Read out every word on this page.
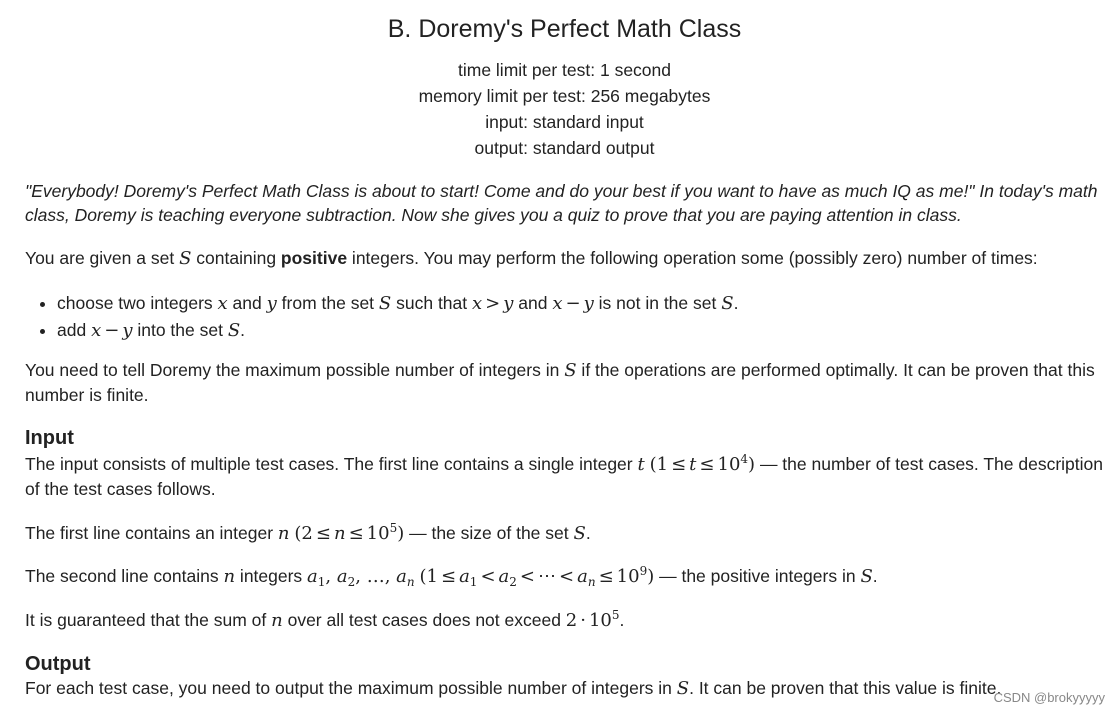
B. Doremy's Perfect Math Class
time limit per test: 1 second
memory limit per test: 256 megabytes
input: standard input
output: standard output
"Everybody! Doremy's Perfect Math Class is about to start! Come and do your best if you want to have as much IQ as me!" In today's math class, Doremy is teaching everyone subtraction. Now she gives you a quiz to prove that you are paying attention in class.
You are given a set S containing positive integers. You may perform the following operation some (possibly zero) number of times:
• choose two integers x and y from the set S such that x > y and x − y is not in the set S.
• add x − y into the set S.
You need to tell Doremy the maximum possible number of integers in S if the operations are performed optimally. It can be proven that this number is finite.
Input
The input consists of multiple test cases. The first line contains a single integer t $(1 \le t \le 10^4)$ — the number of test cases. The description of the test cases follows.
The first line contains an integer n $(2 \le n \le 10^5)$ — the size of the set S.
The second line contains n integers $a_1$, $a_2$, …, $a_n$ ($1 \le a_1 < a_2$ < ⋯ < $a_n \le 10^9$) — the positive integers in S.
It is guaranteed that the sum of n over all test cases does not exceed $2 \cdot 10^5$.
Output
For each test case, you need to output the maximum possible number of integers in S. It can be proven that this value is finite.
CSDN @brokyyyyy
